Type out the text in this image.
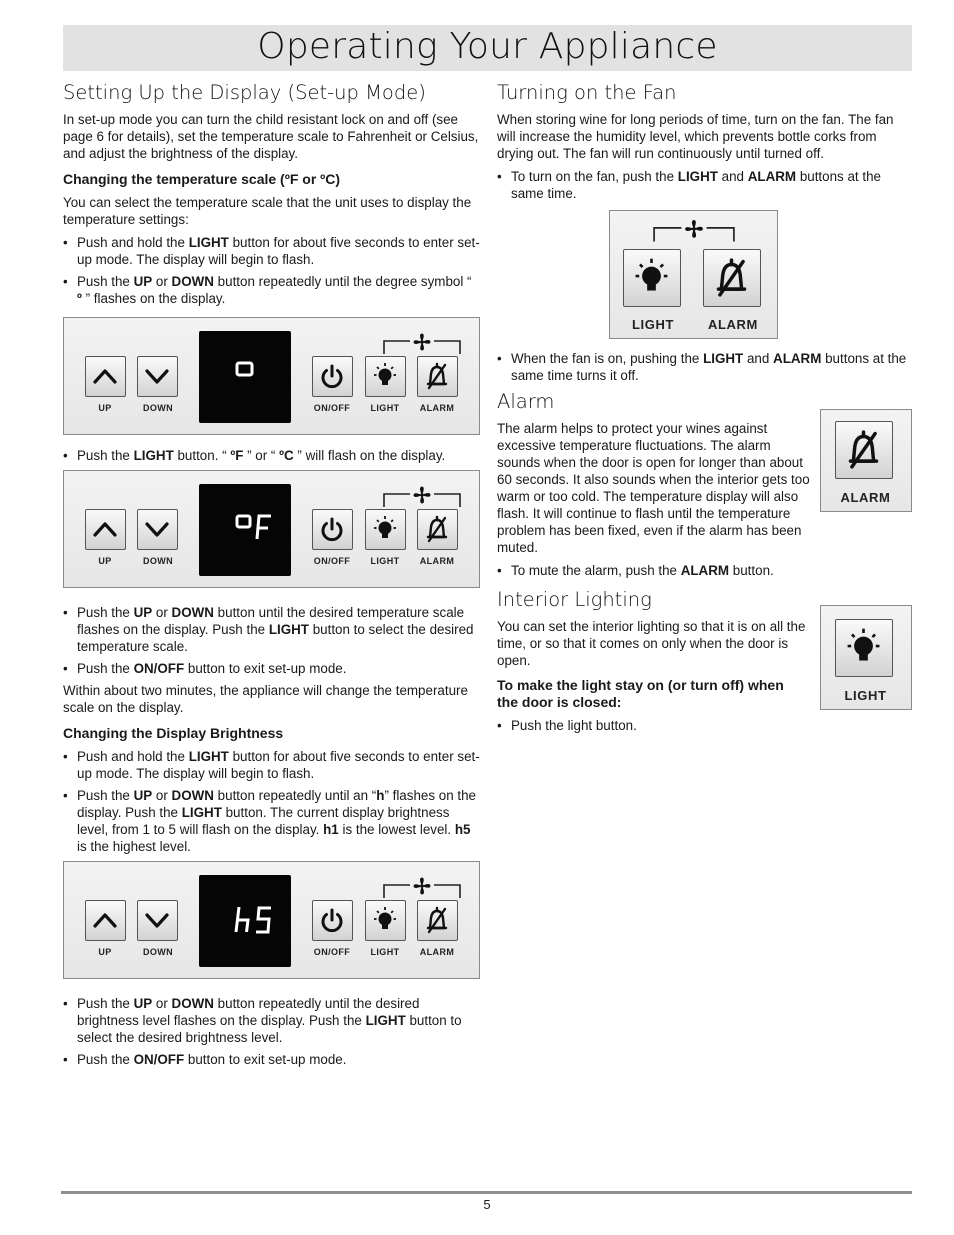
Operating Your Appliance
Setting Up the Display (Set-up Mode)

In set-up mode you can turn the child resistant lock on and off (see page 6 for details), set the temperature scale to Fahrenheit or Celsius, and adjust the brightness of the display.

Changing the temperature scale (ºF or ºC)

You can select the temperature scale that the unit uses to display the temperature settings:

• Push and hold the LIGHT button for about five seconds to enter set-up mode. The display will begin to flash.
• Push the UP or DOWN button repeatedly until the degree symbol “ º ” flashes on the display.
UP	DOWN	ON/OFF	LIGHT	ALARM
• Push the LIGHT button. “ ºF ” or “ ºC ” will flash on the display.
UP	DOWN	ON/OFF	LIGHT	ALARM
• Push the UP or DOWN button until the desired temperature scale flashes on the display. Push the LIGHT button to select the desired temperature scale.
• Push the ON/OFF button to exit set-up mode.

Within about two minutes, the appliance will change the temperature scale on the display.

Changing the Display Brightness
• Push and hold the LIGHT button for about five seconds to enter set-up mode. The display will begin to flash.
• Push the UP or DOWN button repeatedly until an “h” flashes on the display. Push the LIGHT button. The current display brightness level, from 1 to 5 will flash on the display. h1 is the lowest level. h5 is the highest level.
UP	DOWN	ON/OFF	LIGHT	ALARM
• Push the UP or DOWN button repeatedly until the desired brightness level flashes on the display. Push the LIGHT button to select the desired brightness level.
• Push the ON/OFF button to exit set-up mode.
Turning on the Fan

When storing wine for long periods of time, turn on the fan. The fan will increase the humidity level, which prevents bottle corks from drying out. The fan will run continuously until turned off.

• To turn on the fan, push the LIGHT and ALARM buttons at the same time.
LIGHT	ALARM
• When the fan is on, pushing the LIGHT and ALARM buttons at the same time turns it off.
Alarm

The alarm helps to protect your wines against excessive temperature fluctuations. The alarm sounds when the door is open for longer than about 60 seconds. It also sounds when the interior gets too warm or too cold. The temperature display will also flash. It will continue to flash until the temperature problem has been fixed, even if the alarm has been muted.

• To mute the alarm, push the ALARM button.
ALARM
Interior Lighting

You can set the interior lighting so that it is on all the time, or so that it comes on only when the door is open.

To make the light stay on (or turn off) when the door is closed:
• Push the light button.
LIGHT
5
